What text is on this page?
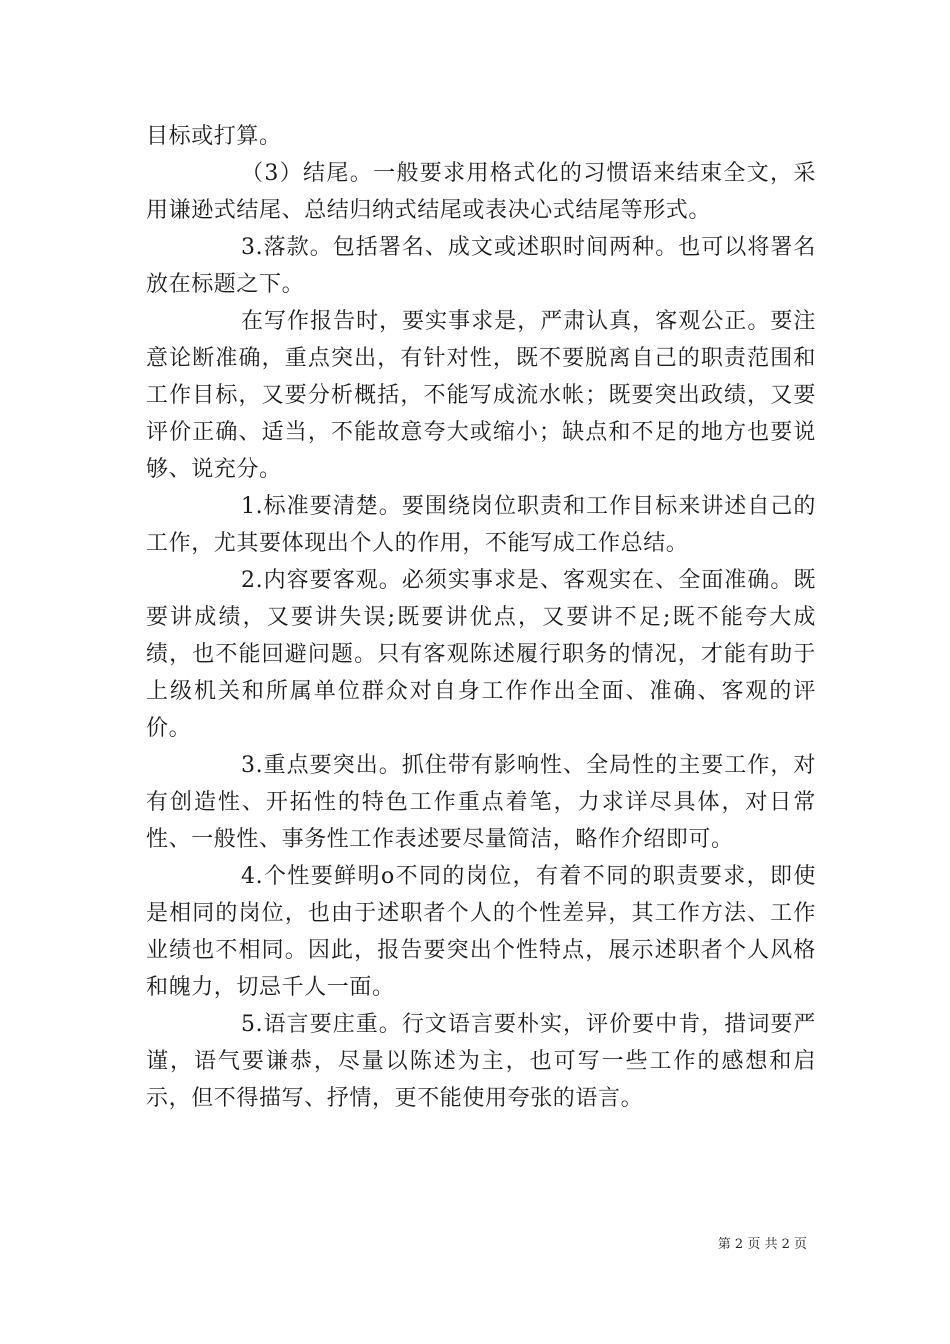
目标或打算。

（3）结尾。一般要求用格式化的习惯语来结束全文，采用谦逊式结尾、总结归纳式结尾或表决心式结尾等形式。

3.落款。包括署名、成文或述职时间两种。也可以将署名放在标题之下。

在写作报告时，要实事求是，严肃认真，客观公正。要注意论断准确，重点突出，有针对性，既不要脱离自己的职责范围和工作目标，又要分析概括，不能写成流水帐；既要突出政绩，又要评价正确、适当，不能故意夸大或缩小；缺点和不足的地方也要说够、说充分。

1.标准要清楚。要围绕岗位职责和工作目标来讲述自己的工作，尤其要体现出个人的作用，不能写成工作总结。

2.内容要客观。必须实事求是、客观实在、全面准确。既要讲成绩，又要讲失误;既要讲优点，又要讲不足;既不能夸大成绩，也不能回避问题。只有客观陈述履行职务的情况，才能有助于上级机关和所属单位群众对自身工作作出全面、准确、客观的评价。

3.重点要突出。抓住带有影响性、全局性的主要工作，对有创造性、开拓性的特色工作重点着笔，力求详尽具体，对日常性、一般性、事务性工作表述要尽量简洁，略作介绍即可。

4.个性要鲜明o不同的岗位，有着不同的职责要求，即使是相同的岗位，也由于述职者个人的个性差异，其工作方法、工作业绩也不相同。因此，报告要突出个性特点，展示述职者个人风格和魄力，切忌千人一面。

5.语言要庄重。行文语言要朴实，评价要中肯，措词要严谨，语气要谦恭，尽量以陈述为主，也可写一些工作的感想和启示，但不得描写、抒情，更不能使用夸张的语言。

第 2 页 共 2 页
